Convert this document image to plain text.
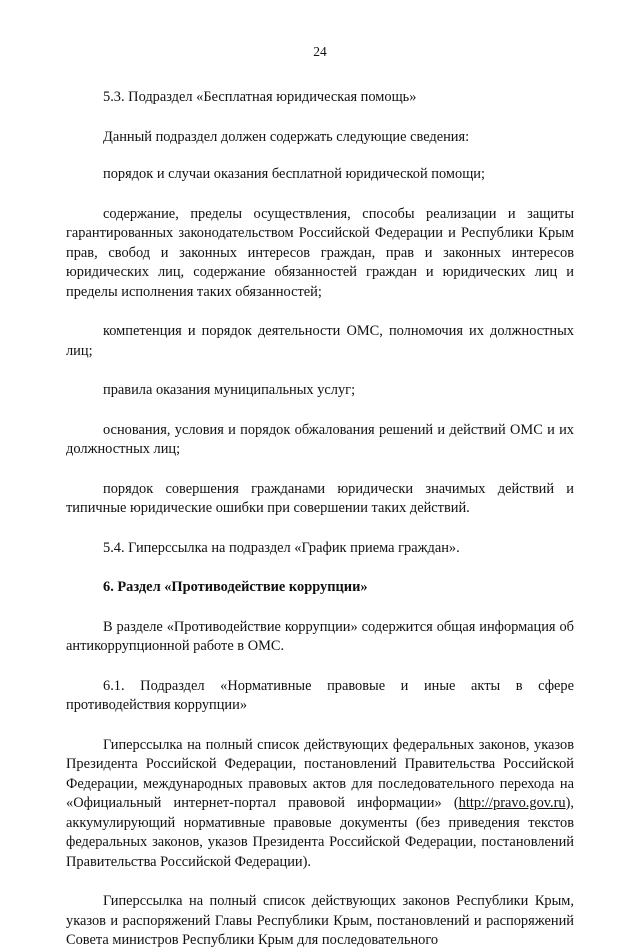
24

5.3. Подраздел «Бесплатная юридическая помощь»

Данный подраздел должен содержать следующие сведения:

порядок и случаи оказания бесплатной юридической помощи;

содержание, пределы осуществления, способы реализации и защиты гарантированных законодательством Российской Федерации и Республики Крым прав, свобод и законных интересов граждан, прав и законных интересов юридических лиц, содержание обязанностей граждан и юридических лиц и пределы исполнения таких обязанностей;

компетенция и порядок деятельности ОМС, полномочия их должностных лиц;

правила оказания муниципальных услуг;

основания, условия и порядок обжалования решений и действий ОМС и их должностных лиц;

порядок совершения гражданами юридически значимых действий и типичные юридические ошибки при совершении таких действий.

5.4. Гиперссылка на подраздел «График приема граждан».

6. Раздел «Противодействие коррупции»

В разделе «Противодействие коррупции» содержится общая информация об антикоррупционной работе в ОМС.

6.1. Подраздел «Нормативные правовые и иные акты в сфере противодействия коррупции»

Гиперссылка на полный список действующих федеральных законов, указов Президента Российской Федерации, постановлений Правительства Российской Федерации, международных правовых актов для последовательного перехода на «Официальный интернет-портал правовой информации» (http://pravo.gov.ru), аккумулирующий нормативные правовые документы (без приведения текстов федеральных законов, указов Президента Российской Федерации, постановлений Правительства Российской Федерации).

Гиперссылка на полный список действующих законов Республики Крым, указов и распоряжений Главы Республики Крым, постановлений и распоряжений Совета министров Республики Крым для последовательного
